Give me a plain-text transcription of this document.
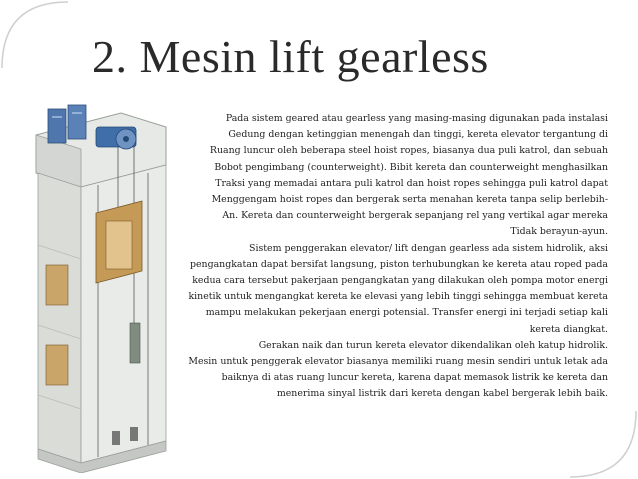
2. Mesin lift gearless
Pada sistem geared atau gearless yang masing-masing digunakan pada instalasi
Gedung dengan ketinggian menengah dan tinggi, kereta elevator tergantung di
Ruang luncur oleh beberapa steel hoist ropes, biasanya dua puli katrol, dan sebuah
Bobot pengimbang (counterweight). Bibit kereta dan counterweight menghasilkan
Traksi yang memadai antara puli katrol dan hoist ropes sehingga puli katrol dapat
Menggengam hoist ropes dan bergerak serta menahan kereta tanpa selip berlebih-
An. Kereta dan counterweight bergerak sepanjang rel yang vertikal agar mereka
Tidak berayun-ayun.
Sistem penggerakan elevator/ lift dengan gearless ada sistem hidrolik, aksi
pengangkatan dapat bersifat langsung, piston terhubungkan ke kereta atau roped pada
kedua cara tersebut pakerjaan pengangkatan yang dilakukan oleh pompa motor energi
kinetik untuk mengangkat kereta ke elevasi yang lebih tinggi sehingga membuat kereta
mampu melakukan pekerjaan energi potensial. Transfer energi ini terjadi setiap kali
kereta diangkat.
Gerakan naik dan turun kereta elevator dikendalikan oleh katup hidrolik.
Mesin untuk penggerak elevator biasanya memiliki ruang mesin sendiri untuk letak ada
baiknya di atas ruang luncur kereta, karena dapat memasok listrik ke kereta dan
menerima sinyal listrik dari kereta dengan kabel bergerak lebih baik.
